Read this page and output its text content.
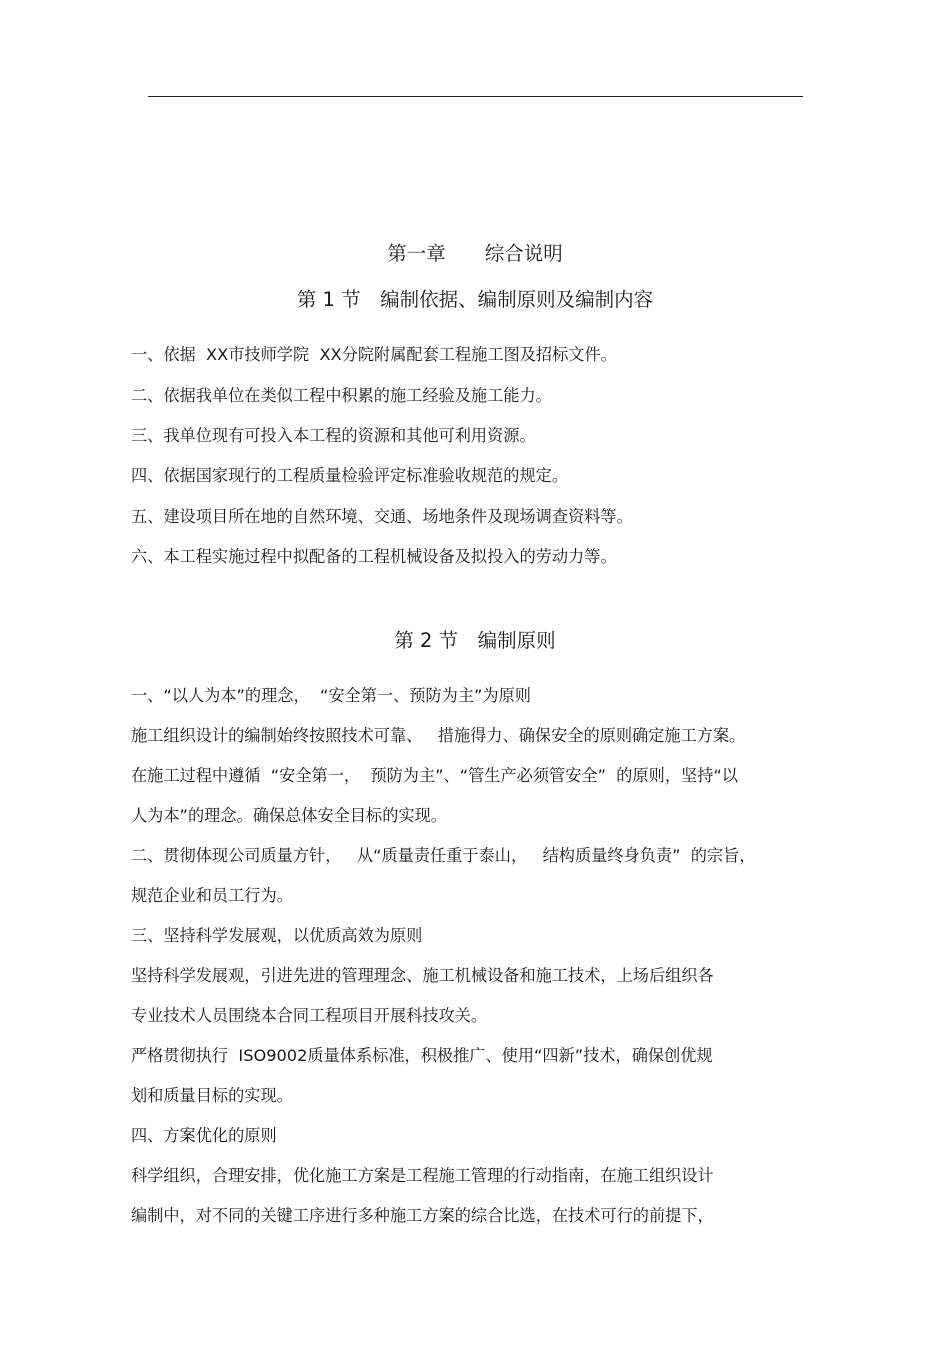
第一章　　综合说明
第 1 节　编制依据、编制原则及编制内容
一、依据  XX市技师学院  XX分院附属配套工程施工图及招标文件。
二、依据我单位在类似工程中积累的施工经验及施工能力。
三、我单位现有可投入本工程的资源和其他可利用资源。
四、依据国家现行的工程质量检验评定标准验收规范的规定。
五、建设项目所在地的自然环境、交通、场地条件及现场调查资料等。
六、本工程实施过程中拟配备的工程机械设备及拟投入的劳动力等。
第 2 节　编制原则
一、“以人为本”的理念，  “安全第一、预防为主”为原则
施工组织设计的编制始终按照技术可靠、   措施得力、确保安全的原则确定施工方案。
在施工过程中遵循  “安全第一，  预防为主”、“管生产必须管安全”  的原则，坚持“以
人为本”的理念。确保总体安全目标的实现。
二、贯彻体现公司质量方针，   从“质量责任重于泰山，   结构质量终身负责”  的宗旨，
规范企业和员工行为。
三、坚持科学发展观，以优质高效为原则
坚持科学发展观，引进先进的管理理念、施工机械设备和施工技术，上场后组织各
专业技术人员围绕本合同工程项目开展科技攻关。
严格贯彻执行  ISO9002质量体系标准，积极推广、使用“四新”技术，确保创优规
划和质量目标的实现。
四、方案优化的原则
科学组织，合理安排，优化施工方案是工程施工管理的行动指南，在施工组织设计
编制中，对不同的关键工序进行多种施工方案的综合比选，在技术可行的前提下，
